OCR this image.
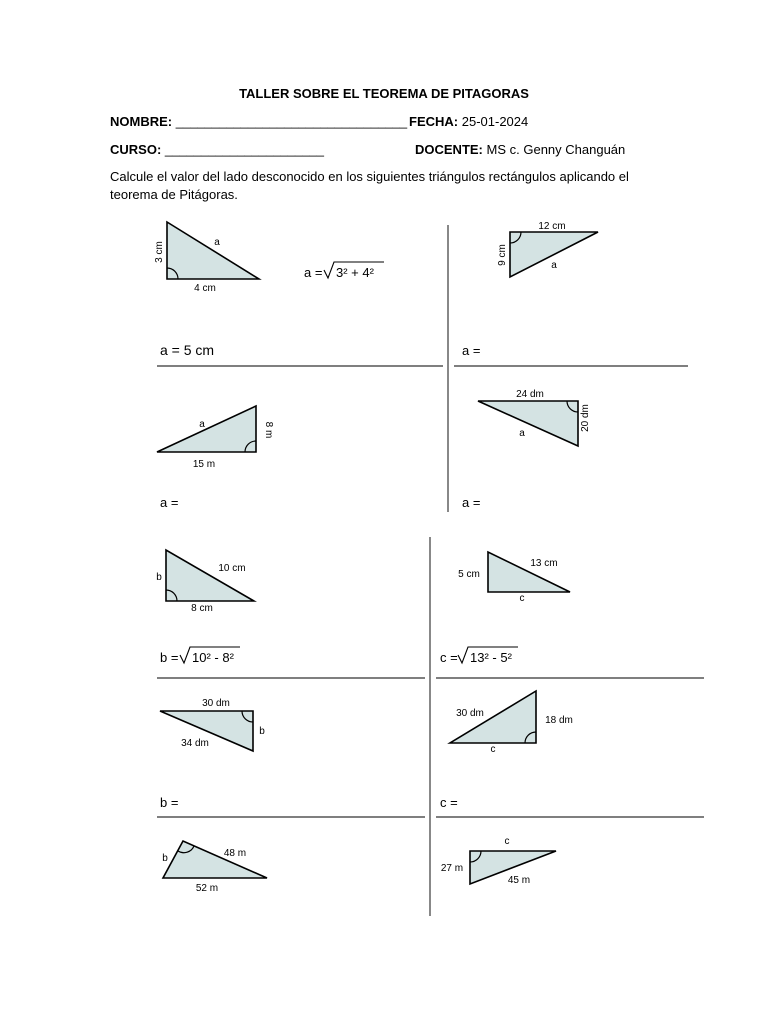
TALLER SOBRE EL TEOREMA DE PITAGORAS
NOMBRE: ________________________________ FECHA: 25-01-2024
CURSO: ______________________	DOCENTE: MS c. Genny Changuán
Calcule el valor del lado desconocido en los siguientes triángulos rectángulos aplicando el teorema de Pitágoras.
3 cm
4 cm
a
a = 3² + 4²
a = 5 cm
12 cm
9 cm	a
a =
15 m
8 m
a
a =
24 dm
20 dm
a
a =
10 cm
8 cm
b
b = 10² - 8²
5 cm
13 cm
c
c = 13² - 5²
30 dm
34 dm
b
b =
30 dm
18 dm
c
c =
48 m
52 m
b
27 m
45 m
c
